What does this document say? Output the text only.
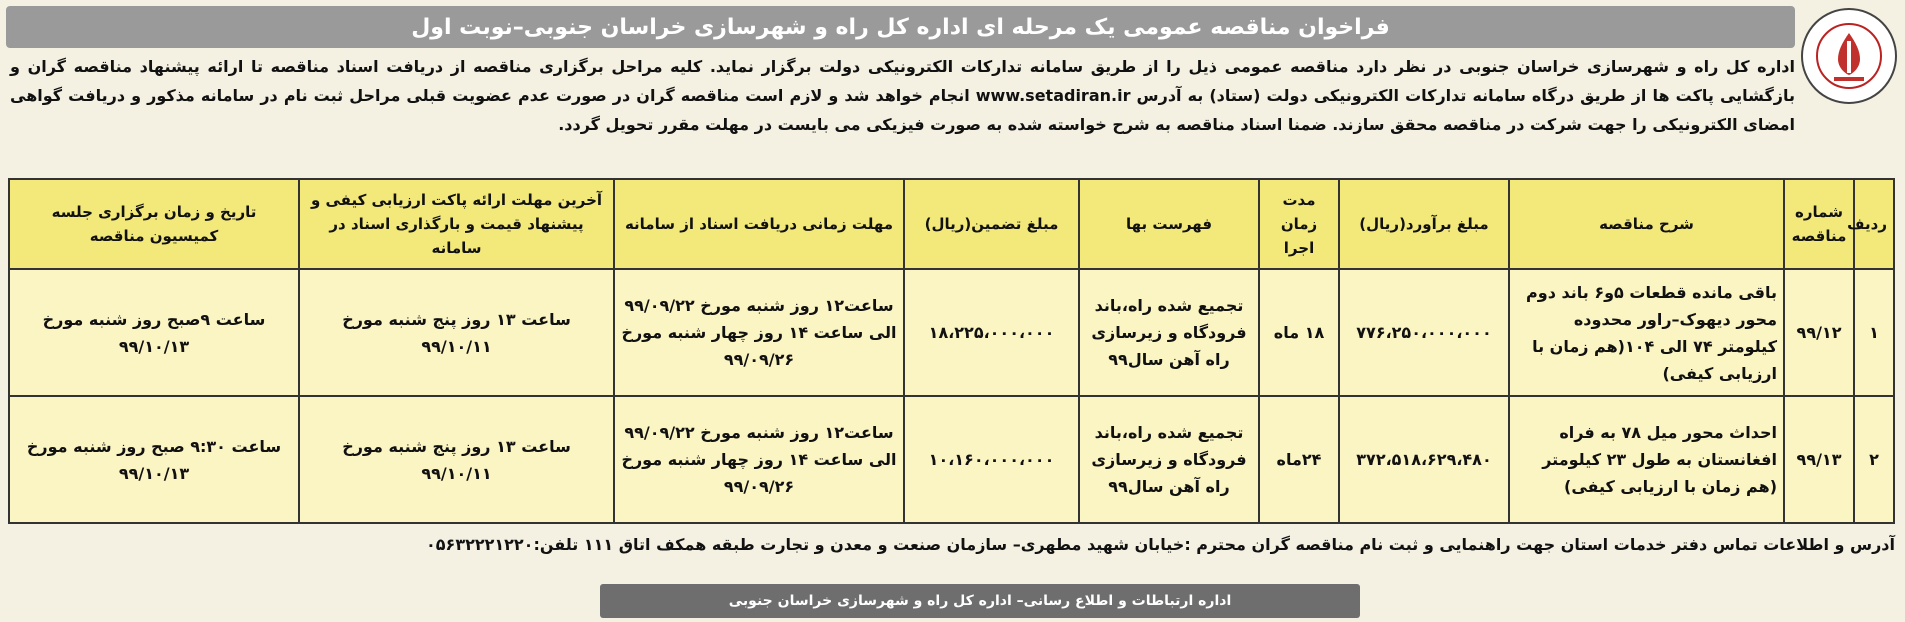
فراخوان مناقصه عمومی یک مرحله ای اداره کل راه و شهرسازی خراسان جنوبی–نوبت اول
اداره کل راه و شهرسازی خراسان جنوبی در نظر دارد مناقصه عمومی ذیل را از طریق سامانه تدارکات الکترونیکی دولت برگزار نماید. کلیه مراحل برگزاری مناقصه از دریافت اسناد مناقصه تا ارائه پیشنهاد مناقصه گران و بازگشایی پاکت ها از طریق درگاه سامانه تدارکات الکترونیکی دولت (ستاد) به آدرس www.setadiran.ir انجام خواهد شد و لازم است مناقصه گران در صورت عدم عضویت قبلی مراحل ثبت نام در سامانه مذکور و دریافت گواهی امضای الکترونیکی را جهت شرکت در مناقصه محقق سازند. ضمنا اسناد مناقصه به شرح خواسته شده به صورت فیزیکی می بایست در مهلت مقرر تحویل گردد.
ردیف	شماره مناقصه	شرح مناقصه	مبلغ برآورد(ریال)	مدت زمان اجرا	فهرست بها	مبلغ تضمین(ریال)	مهلت زمانی دریافت اسناد از سامانه	آخرین مهلت ارائه پاکت ارزیابی کیفی و پیشنهاد قیمت و بارگذاری اسناد در سامانه	تاریخ و زمان برگزاری جلسه کمیسیون مناقصه
۱	۹۹/۱۲	باقی مانده قطعات ۵و۶ باند دوم محور دیهوک–راور محدوده کیلومتر ۷۴ الی ۱۰۴(هم زمان با ارزیابی کیفی)	۷۷۶،۲۵۰،۰۰۰،۰۰۰	۱۸ ماه	تجمیع شده راه،باند فرودگاه و زیرسازی راه آهن سال۹۹	۱۸،۲۲۵،۰۰۰،۰۰۰	ساعت۱۲ روز شنبه مورخ ۹۹/۰۹/۲۲ الی ساعت ۱۴ روز چهار شنبه مورخ ۹۹/۰۹/۲۶	ساعت ۱۳ روز پنج شنبه مورخ ۹۹/۱۰/۱۱	ساعت ۹صبح روز شنبه مورخ ۹۹/۱۰/۱۳
۲	۹۹/۱۳	احداث محور میل ۷۸ به فراه افغانستان به طول ۲۳ کیلومتر (هم زمان با ارزیابی کیفی)	۳۷۲،۵۱۸،۶۲۹،۴۸۰	۲۴ماه	تجمیع شده راه،باند فرودگاه و زیرسازی راه آهن سال۹۹	۱۰،۱۶۰،۰۰۰،۰۰۰	ساعت۱۲ روز شنبه مورخ ۹۹/۰۹/۲۲ الی ساعت ۱۴ روز چهار شنبه مورخ ۹۹/۰۹/۲۶	ساعت ۱۳ روز پنج شنبه مورخ ۹۹/۱۰/۱۱	ساعت ۹:۳۰ صبح روز شنبه مورخ ۹۹/۱۰/۱۳
آدرس و اطلاعات تماس دفتر خدمات استان جهت راهنمایی و ثبت نام مناقصه گران محترم :خیابان شهید مطهری– سازمان صنعت و معدن و تجارت طبقه همکف اتاق ۱۱۱ تلفن:۰۵۶۳۲۲۲۱۲۲۰
اداره ارتباطات و اطلاع رسانی– اداره کل راه و شهرسازی خراسان جنوبی
